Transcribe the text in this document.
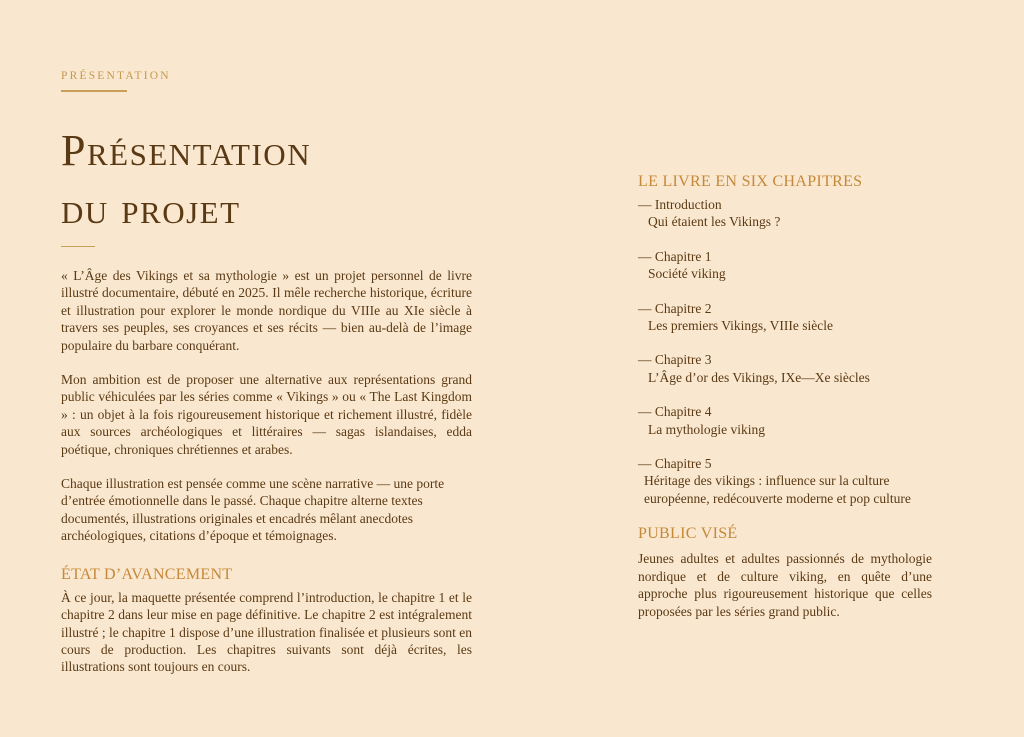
PRÉSENTATION
Présentation
du projet

« L’Âge des Vikings et sa mythologie » est un projet personnel de livre illustré documentaire, débuté en 2025. Il mêle recherche historique, écriture et illustration pour explorer le monde nordique du VIIIe au XIe siècle à travers ses peuples, ses croyances et ses récits — bien au-delà de l’image populaire du barbare conquérant.

Mon ambition est de proposer une alternative aux représentations grand public véhiculées par les séries comme « Vikings » ou « The Last Kingdom » : un objet à la fois rigoureusement historique et richement illustré, fidèle aux sources archéologiques et littéraires — sagas islandaises, edda poétique, chroniques chrétiennes et arabes.

Chaque illustration est pensée comme une scène narrative — une porte d’entrée émotionnelle dans le passé. Chaque chapitre alterne textes documentés, illustrations originales et encadrés mêlant anecdotes archéologiques, citations d’époque et témoignages.

ÉTAT D’AVANCEMENT

À ce jour, la maquette présentée comprend l’introduction, le chapitre 1 et le chapitre 2 dans leur mise en page définitive. Le chapitre 2 est intégralement illustré ; le chapitre 1 dispose d’une illustration finalisée et plusieurs sont en cours de production. Les chapitres suivants sont déjà écrites, les illustrations sont toujours en cours.

LE LIVRE EN SIX CHAPITRES
— Introduction
Qui étaient les Vikings ?
— Chapitre 1
Société viking
— Chapitre 2
Les premiers Vikings, VIIIe siècle
— Chapitre 3
L’Âge d’or des Vikings, IXe—Xe siècles
— Chapitre 4
La mythologie viking
— Chapitre 5
Héritage des vikings : influence sur la culture européenne, redécouverte moderne et pop culture
PUBLIC VISÉ

Jeunes adultes et adultes passionnés de mythologie nordique et de culture viking, en quête d’une approche plus rigoureusement historique que celles proposées par les séries grand public.
